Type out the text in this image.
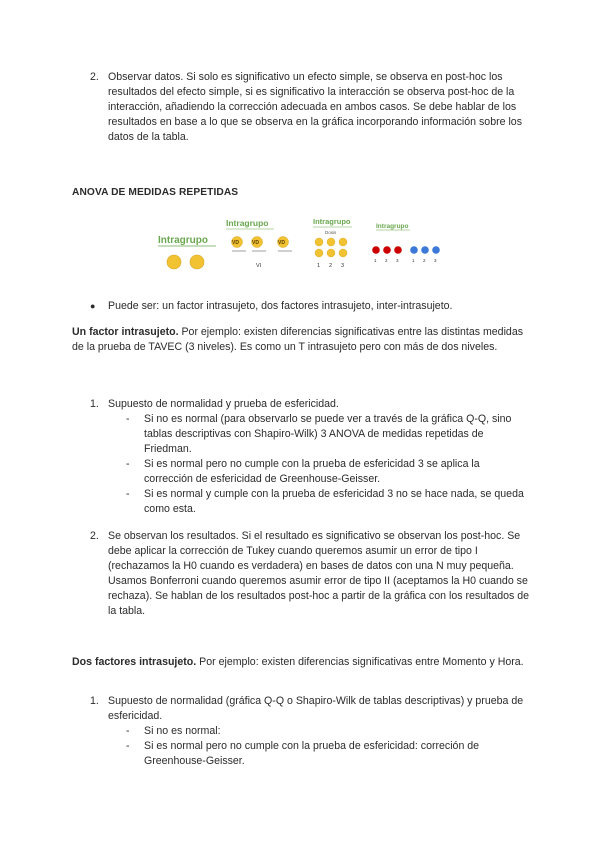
2. Observar datos. Si solo es significativo un efecto simple, se observa en post-hoc los resultados del efecto simple, si es significativo la interacción se observa post-hoc de la interacción, añadiendo la corrección adecuada en ambos casos. Se debe hablar de los resultados en base a lo que se observa en la gráfica incorporando información sobre los datos de la tabla.
ANOVA DE MEDIDAS REPETIDAS
Intragrupo
Intragrupo
VD	VD	VD
VI
Intragrupo
Dosis
1 2 3
Intragrupo
1 2 3	1 2 3
● Puede ser: un factor intrasujeto, dos factores intrasujeto, inter-intrasujeto.
Un factor intrasujeto. Por ejemplo: existen diferencias significativas entre las distintas medidas de la prueba de TAVEC (3 niveles). Es como un T intrasujeto pero con más de dos niveles.
1. Supuesto de normalidad y prueba de esfericidad.
- Si no es normal (para observarlo se puede ver a través de la gráfica Q-Q, sino tablas descriptivas con Shapiro-Wilk) 3 ANOVA de medidas repetidas de Friedman.
- Si es normal pero no cumple con la prueba de esfericidad 3 se aplica la corrección de esfericidad de Greenhouse-Geisser.
- Si es normal y cumple con la prueba de esfericidad 3 no se hace nada, se queda como esta.
2. Se observan los resultados. Si el resultado es significativo se observan los post-hoc. Se debe aplicar la corrección de Tukey cuando queremos asumir un error de tipo I (rechazamos la H0 cuando es verdadera) en bases de datos con una N muy pequeña. Usamos Bonferroni cuando queremos asumir error de tipo II (aceptamos la H0 cuando se rechaza). Se hablan de los resultados post-hoc a partir de la gráfica con los resultados de la tabla.
Dos factores intrasujeto. Por ejemplo: existen diferencias significativas entre Momento y Hora.
1. Supuesto de normalidad (gráfica Q-Q o Shapiro-Wilk de tablas descriptivas) y prueba de esfericidad.
- Si no es normal:
- Si es normal pero no cumple con la prueba de esfericidad: correción de Greenhouse-Geisser.
